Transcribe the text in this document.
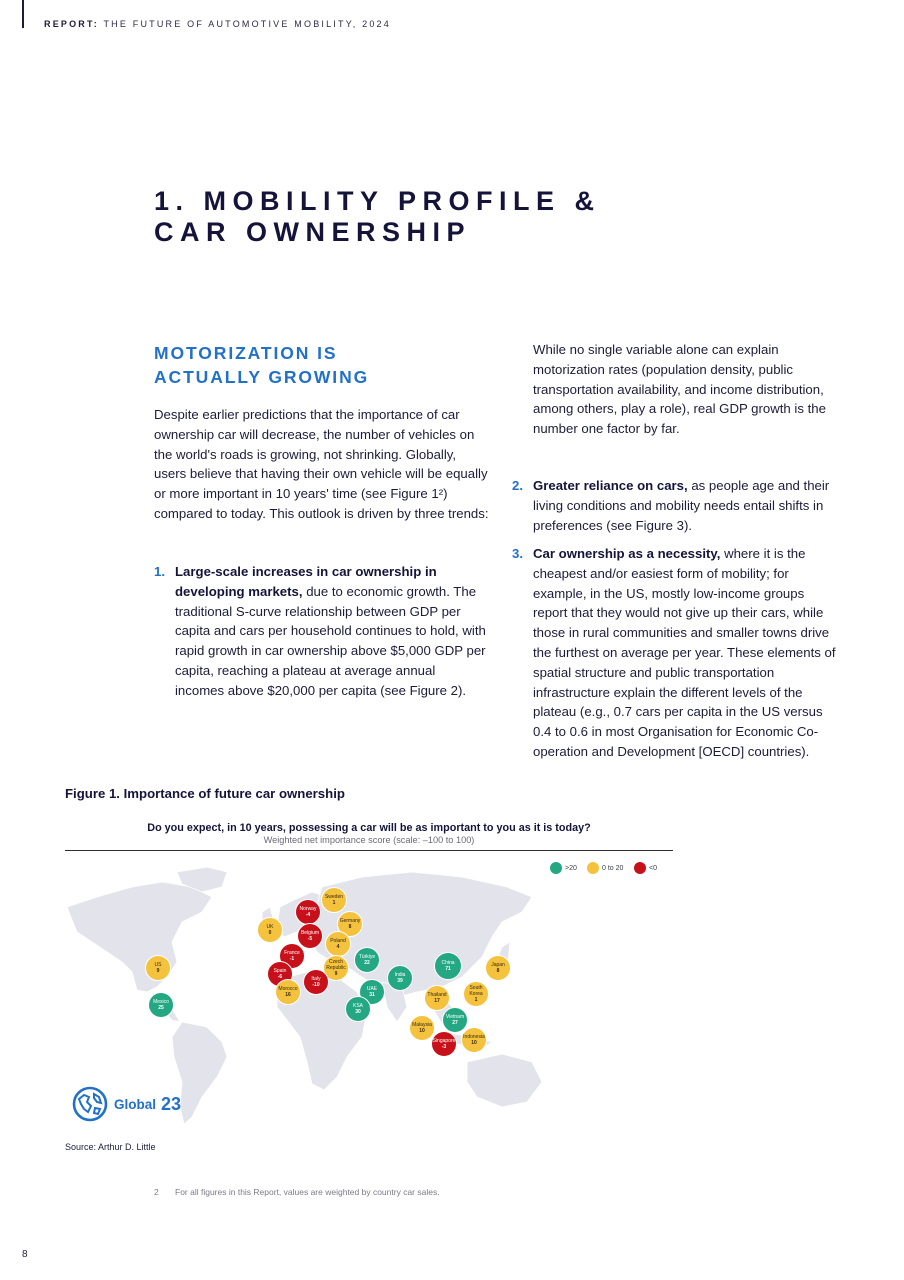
REPORT: THE FUTURE OF AUTOMOTIVE MOBILITY, 2024
1. MOBILITY PROFILE &
CAR OWNERSHIP
MOTORIZATION IS
ACTUALLY GROWING
Despite earlier predictions that the importance of car ownership car will decrease, the number of vehicles on the world's roads is growing, not shrinking. Globally, users believe that having their own vehicle will be equally or more important in 10 years' time (see Figure 1²) compared to today. This outlook is driven by three trends:
1. Large-scale increases in car ownership in developing markets, due to economic growth. The traditional S-curve relationship between GDP per capita and cars per household continues to hold, with rapid growth in car ownership above $5,000 GDP per capita, reaching a plateau at average annual incomes above $20,000 per capita (see Figure 2).
While no single variable alone can explain motorization rates (population density, public transportation availability, and income distribution, among others, play a role), real GDP growth is the number one factor by far.
2. Greater reliance on cars, as people age and their living conditions and mobility needs entail shifts in preferences (see Figure 3).
3. Car ownership as a necessity, where it is the cheapest and/or easiest form of mobility; for example, in the US, mostly low-income groups report that they would not give up their cars, while those in rural communities and smaller towns drive the furthest on average per year. These elements of spatial structure and public transportation infrastructure explain the different levels of the plateau (e.g., 0.7 cars per capita in the US versus 0.4 to 0.6 in most Organisation for Economic Co-operation and Development [OECD] countries).
Figure 1. Importance of future car ownership
Do you expect, in 10 years, possessing a car will be as important to you as it is today?
Weighted net importance score (scale: –100 to 100)
>20	0 to 20	<0
Global 23
Source: Arthur D. Little
2 For all figures in this Report, values are weighted by country car sales.
8
Sweden
1
Norway
-4
Germany
8
UK
0	Belgium
-5	Poland
4
France
-1	Türkiye
22
Czech Republic
9
Spain
-6	Italy
-10
Morocco
16
US
9
Mexico
25
UAE
31
KSA
30
India
39
China
71
Japan
8
South Korea
1
Thailand
17
Vietnam
27
Malaysia
10
Singapore
-3
Indonesia
10
